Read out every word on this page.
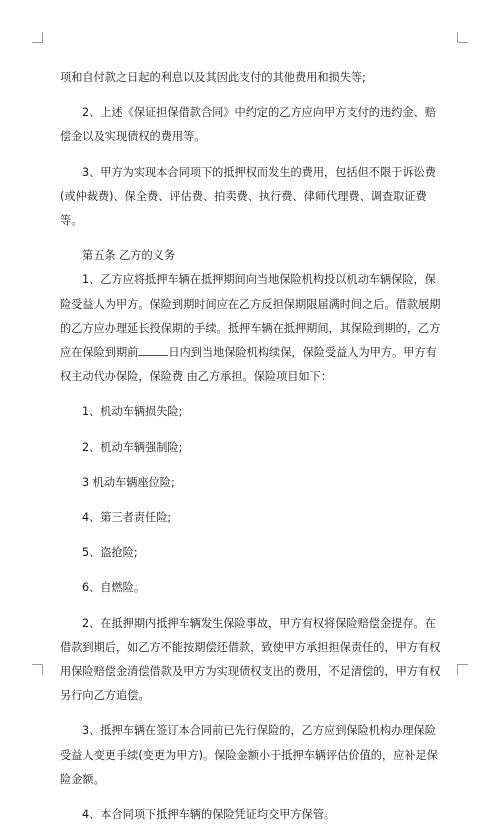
项和自付款之日起的利息以及其因此支付的其他费用和损失等;

2、上述《保证担保借款合同》中约定的乙方应向甲方支付的违约金、赔偿金以及实现债权的费用等。

3、甲方为实现本合同项下的抵押权而发生的费用，包括但不限于诉讼费(或仲裁费)、保全费、评估费、拍卖费、执行费、律师代理费、调查取证费等。

第五条 乙方的义务

1、乙方应将抵押车辆在抵押期间向当地保险机构投以机动车辆保险，保险受益人为甲方。保险到期时间应在乙方反担保期限届满时间之后。借款展期的乙方应办理延长投保期的手续。抵押车辆在抵押期间，其保险到期的，乙方应在保险到期前	日内到当地保险机构续保，保险受益人为甲方。甲方有权主动代办保险，保险费 由乙方承担。保险项目如下：

1、机动车辆损失险;

2、机动车辆强制险;

3 机动车辆座位险;

4、第三者责任险;

5、盗抢险;

6、自燃险。

2、在抵押期内抵押车辆发生保险事故，甲方有权将保险赔偿金提存。在借款到期后，如乙方不能按期偿还借款，致使甲方承担担保责任的，甲方有权用保险赔偿金清偿借款及甲方为实现债权支出的费用，不足清偿的，甲方有权另行向乙方追偿。

3、抵押车辆在签订本合同前已先行保险的，乙方应到保险机构办理保险受益人变更手续(变更为甲方)。保险金额小于抵押车辆评估价值的，应补足保险金额。

4、本合同项下抵押车辆的保险凭证均交甲方保管。
